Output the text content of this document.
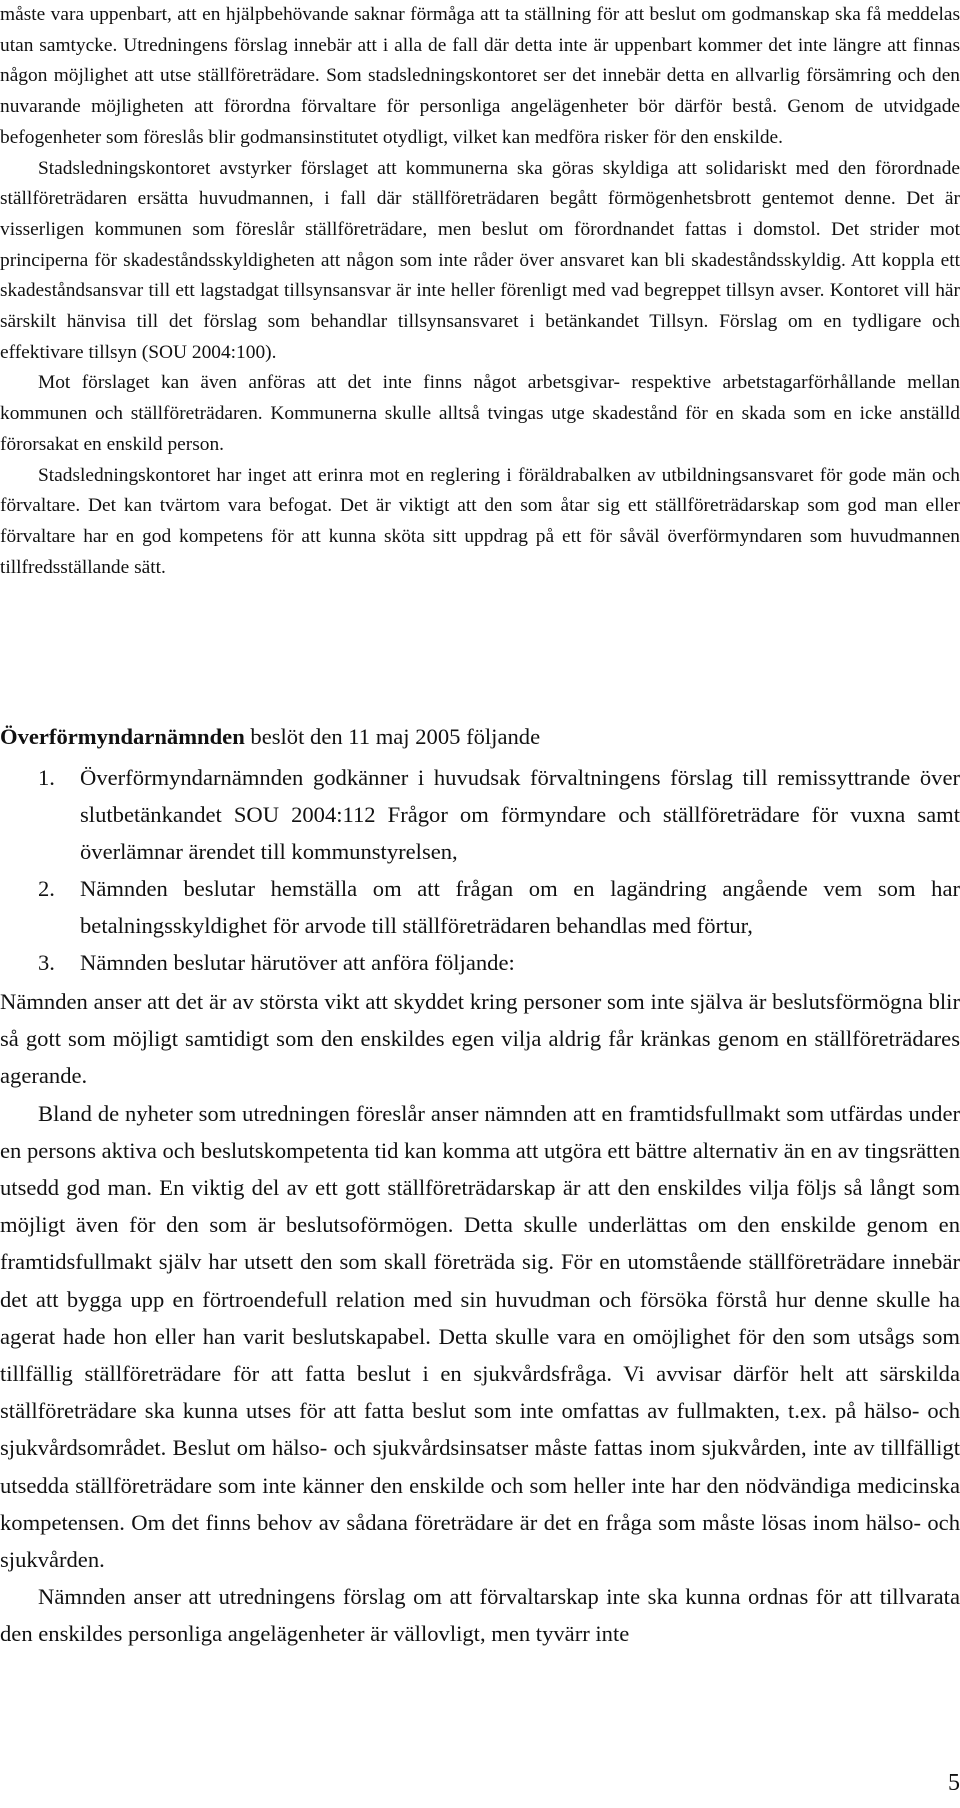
måste vara uppenbart, att en hjälpbehövande saknar förmåga att ta ställning för att beslut om godmanskap ska få meddelas utan samtycke. Utredningens förslag innebär att i alla de fall där detta inte är uppenbart kommer det inte längre att finnas någon möjlighet att utse ställföreträdare. Som stadsledningskontoret ser det innebär detta en allvarlig försämring och den nuvarande möjligheten att förordna förvaltare för personliga angelägenheter bör därför bestå. Genom de utvidgade befogenheter som föreslås blir godmansinstitutet otydligt, vilket kan medföra risker för den enskilde.

Stadsledningskontoret avstyrker förslaget att kommunerna ska göras skyldiga att solidariskt med den förordnade ställföreträdaren ersätta huvudmannen, i fall där ställföreträdaren begått förmögenhetsbrott gentemot denne. Det är visserligen kommunen som föreslår ställföreträdare, men beslut om förordnandet fattas i domstol. Det strider mot principerna för skadeståndsskyldigheten att någon som inte råder över ansvaret kan bli skadeståndsskyldig. Att koppla ett skadeståndsansvar till ett lagstadgat tillsynsansvar är inte heller förenligt med vad begreppet tillsyn avser. Kontoret vill här särskilt hänvisa till det förslag som behandlar tillsynsansvaret i betänkandet Tillsyn. Förslag om en tydligare och effektivare tillsyn (SOU 2004:100).

Mot förslaget kan även anföras att det inte finns något arbetsgivar- respektive arbetstagarförhållande mellan kommunen och ställföreträdaren. Kommunerna skulle alltså tvingas utge skadestånd för en skada som en icke anställd förorsakat en enskild person.

Stadsledningskontoret har inget att erinra mot en reglering i föräldrabalken av utbildningsansvaret för gode män och förvaltare. Det kan tvärtom vara befogat. Det är viktigt att den som åtar sig ett ställföreträdarskap som god man eller förvaltare har en god kompetens för att kunna sköta sitt uppdrag på ett för såväl överförmyndaren som huvudmannen tillfredsställande sätt.

Överförmyndarnämnden beslöt den 11 maj 2005 följande

1. Överförmyndarnämnden godkänner i huvudsak förvaltningens förslag till remissyttrande över slutbetänkandet SOU 2004:112 Frågor om förmyndare och ställföreträdare för vuxna samt överlämnar ärendet till kommunstyrelsen,
2. Nämnden beslutar hemställa om att frågan om en lagändring angående vem som har betalningsskyldighet för arvode till ställföreträdaren behandlas med förtur,
3. Nämnden beslutar härutöver att anföra följande:

Nämnden anser att det är av största vikt att skyddet kring personer som inte själva är beslutsförmögna blir så gott som möjligt samtidigt som den enskildes egen vilja aldrig får kränkas genom en ställföreträdares agerande.

Bland de nyheter som utredningen föreslår anser nämnden att en framtidsfullmakt som utfärdas under en persons aktiva och beslutskompetenta tid kan komma att utgöra ett bättre alternativ än en av tingsrätten utsedd god man. En viktig del av ett gott ställföreträdarskap är att den enskildes vilja följs så långt som möjligt även för den som är beslutsoförmögen. Detta skulle underlättas om den enskilde genom en framtidsfullmakt själv har utsett den som skall företräda sig. För en utomstående ställföreträdare innebär det att bygga upp en förtroendefull relation med sin huvudman och försöka förstå hur denne skulle ha agerat hade hon eller han varit beslutskapabel. Detta skulle vara en omöjlighet för den som utsågs som tillfällig ställföreträdare för att fatta beslut i en sjukvårdsfråga. Vi avvisar därför helt att särskilda ställföreträdare ska kunna utses för att fatta beslut som inte omfattas av fullmakten, t.ex. på hälso- och sjukvårdsområdet. Beslut om hälso- och sjukvårdsinsatser måste fattas inom sjukvården, inte av tillfälligt utsedda ställföreträdare som inte känner den enskilde och som heller inte har den nödvändiga medicinska kompetensen. Om det finns behov av sådana företrädare är det en fråga som måste lösas inom hälso- och sjukvården.

Nämnden anser att utredningens förslag om att förvaltarskap inte ska kunna ordnas för att tillvarata den enskildes personliga angelägenheter är vällovligt, men tyvärr inte

5
